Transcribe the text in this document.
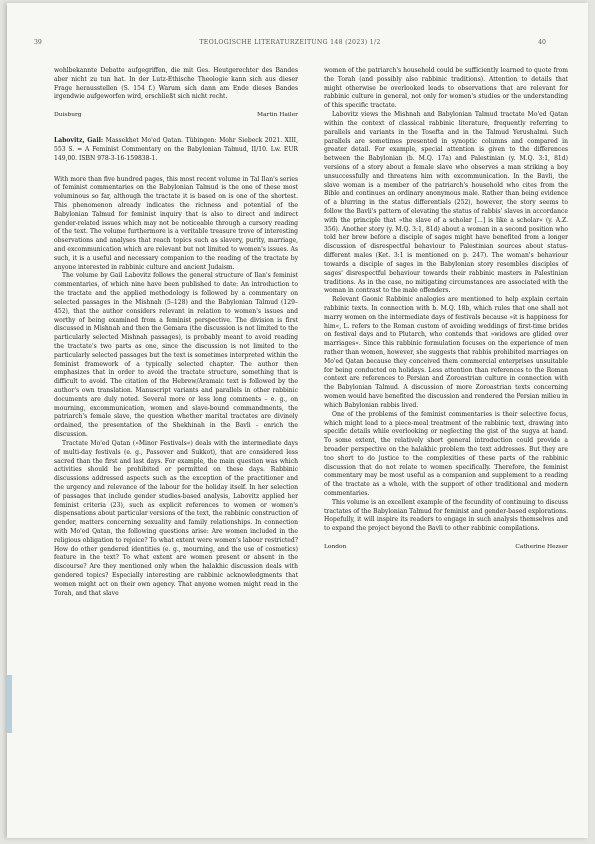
39	TEOLOGISCHE LITERATURZEITUNG 148 (2023) 1/2	40

wohlbekannte Debatte aufgegriffen, die mit Ges. Heutgerechter des Bandes aber nicht zu tun hat. In der Lutz-Ethische Theologie kann sich aus dieser Frage herausstellen (S. 154 f.) Warum sich dann am Ende dieses Bandes irgendwie aufgeworfen wird, erschließt sich nicht recht.

Duisburg	Martin Hailer
Labovitz, Gail: Massekhet Mo'ed Qatan. Tübingen: Mohr Siebeck 2021. XIII, 553 S. = A Feminist Commentary on the Babylonian Talmud, II/10. Lw. EUR 149,00. ISBN 978-3-16-159838-1.

With more than five hundred pages, this most recent volume in Tal Ilan's series of feminist commentaries on the Babylonian Talmud is the one of these most voluminous so far, although the tractate it is based on is one of the shortest. This phenomenon already indicates the richness and potential of the Babylonian Talmud for feminist inquiry that is also to direct and indirect gender-related issues which may not be noticeable through a cursory reading of the text. The volume furthermore is a veritable treasure trove of interesting observations and analyses that reach topics such as slavery, purity, marriage, and excommunication which are relevant but not limited to women's issues. As such, it is a useful and necessary companion to the reading of the tractate by anyone interested in rabbinic culture and ancient Judaism.

The volume by Gail Labovitz follows the general structure of Ilan's feminist commentaries, of which nine have been published to date: An introduction to the tractate and the applied methodology is followed by a commentary on selected passages in the Mishnah (5–128) and the Babylonian Talmud (129–452), that the author considers relevant in relation to women's issues and worthy of being examined from a feminist perspective. The division is first discussed in Mishnah and then the Gemara (the discussion is not limited to the particularly selected Mishnah passages), is probably meant to avoid reading the tractate's two parts as one, since the discussion is not limited to the particularly selected passages but the text is sometimes interpreted within the feminist framework of a typically selected chapter. The author then emphasizes that in order to avoid the tractate structure, something that is difficult to avoid. The citation of the Hebrew/Aramaic text is followed by the author's own translation. Manuscript variants and parallels in other rabbinic documents are duly noted. Several more or less long comments – e. g., on mourning, excommunication, women and slave-bound commandments, the patriarch's female slave, the question whether marital tractates are divinely ordained, the presentation of the Shekhinah in the Bavli – enrich the discussion.

Tractate Mo'ed Qatan (»Minor Festivals«) deals with the intermediate days of multi-day festivals (e. g., Passover and Sukkot), that are considered less sacred than the first and last days. For example, the main question was which activities should be prohibited or permitted on these days. Rabbinic discussions addressed aspects such as the exception of the practitioner and the urgency and relevance of the labour for the holiday itself. In her selection of passages that include gender studies-based analysis, Labovitz applied her feminist criteria (23), such as explicit references to women or women's dispensations about particular versions of the text, the rabbinic construction of gender, matters concerning sexuality and family relationships. In connection with Mo'ed Qatan, the following questions arise: Are women included in the religious obligation to rejoice? To what extent were women's labour restricted? How do other gendered identities (e. g., mourning, and the use of cosmetics) feature in the text? To what extent are women present or absent in the discourse? Are they mentioned only when the halakhic discussion deals with gendered topics? Especially interesting are rabbinic acknowledgments that women might act on their own agency. That anyone women might read in the Torah, and that slave

women of the patriarch's household could be sufficiently learned to quote from the Torah (and possibly also rabbinic traditions). Attention to details that might otherwise be overlooked leads to observations that are relevant for rabbinic culture in general, not only for women's studies or the understanding of this specific tractate.

Labovitz views the Mishnah and Babylonian Talmud tractate Mo'ed Qatan within the context of classical rabbinic literature, frequently referring to parallels and variants in the Tosefta and in the Talmud Yerushalmi. Such parallels are sometimes presented in synoptic columns and compared in greater detail. For example, special attention is given to the differences between the Babylonian (b. M.Q. 17a) and Palestinian (y. M.Q. 3:1, 81d) versions of a story about a female slave who observes a man striking a boy unsuccessfully and threatens him with excommunication. In the Bavli, the slave woman is a member of the patriarch's household who cites from the Bible and continues an ordinary anonymous male. Rather than being evidence of a blurring in the status differentials (252), however, the story seems to follow the Bavli's pattern of elevating the status of rabbis' slaves in accordance with the principle that »the slave of a scholar [...] is like a scholar« (y. A.Z. 356). Another story (y. M.Q. 3:1, 81d) about a woman in a second position who told her brew before a disciple of sages might have benefited from a longer discussion of disrespectful behaviour to Palestinian sources about status-different males (Ket. 3:1 is mentioned on p. 247). The woman's behaviour towards a disciple of sages in the Babylonian story resembles disciples of sages' disrespectful behaviour towards their rabbinic masters in Palestinian traditions. As in the case, no mitigating circumstances are associated with the woman in contrast to the male offenders.

Relevant Gaonic Rabbinic analogies are mentioned to help explain certain rabbinic texts. In connection with b. M.Q. 18b, which rules that one shall not marry women on the intermediate days of festivals because »it is happiness for him«, L. refers to the Roman custom of avoiding weddings of first-time brides on festival days and to Plutarch, who contends that »widows are glided over marriages«. Since this rabbinic formulation focuses on the experience of men rather than women, however, she suggests that rabbis prohibited marriages on Mo'ed Qatan because they conceived them commercial enterprises unsuitable for being conducted on holidays. Less attention than references to the Roman context are references to Persian and Zoroastrian culture in connection with the Babylonian Talmud. A discussion of more Zoroastrian texts concerning women would have benefited the discussion and rendered the Persian milieu in which Babylonian rabbis lived.

One of the problems of the feminist commentaries is their selective focus, which might lead to a piece-meal treatment of the rabbinic text, drawing into specific details while overlooking or neglecting the gist of the sugya at hand. To some extent, the relatively short general introduction could provide a broader perspective on the halakhic problem the text addresses. But they are too short to do justice to the complexities of these parts of the rabbinic discussion that do not relate to women specifically. Therefore, the feminist commentary may be most useful as a companion and supplement to a reading of the tractate as a whole, with the support of other traditional and modern commentaries.

This volume is an excellent example of the fecundity of continuing to discuss tractates of the Babylonian Talmud for feminist and gender-based explorations. Hopefully, it will inspire its readers to engage in such analysis themselves and to expand the project beyond the Bavli to other rabbinic compilations.

London	Catherine Hezser
